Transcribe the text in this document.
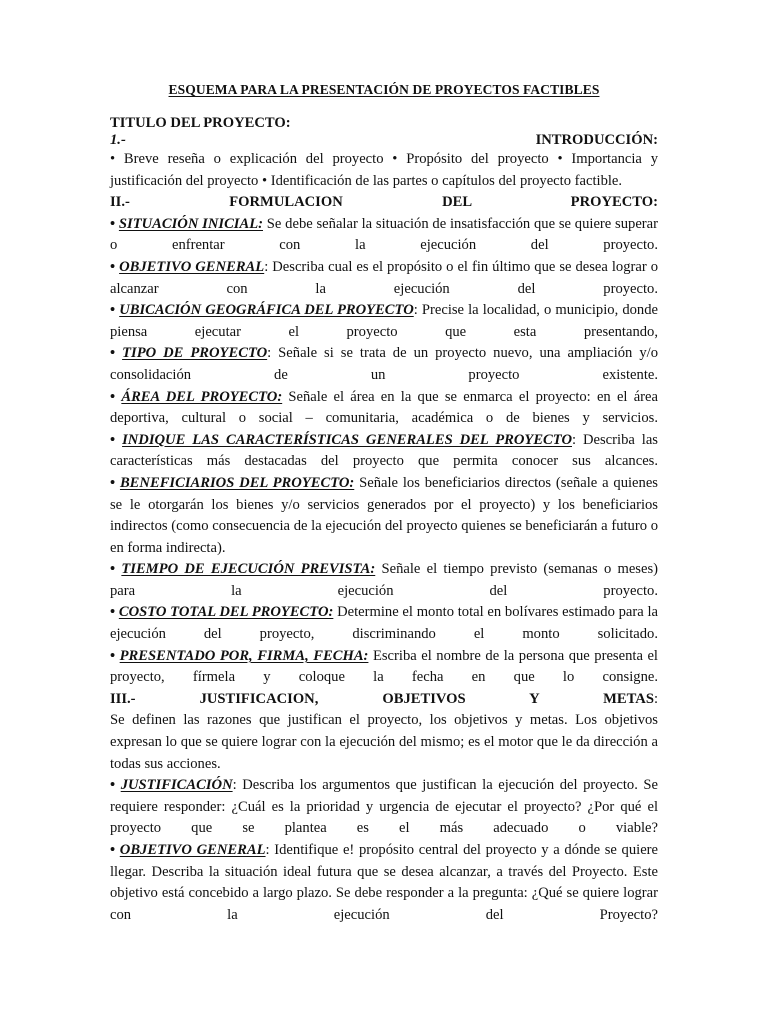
ESQUEMA PARA LA PRESENTACIÓN DE PROYECTOS FACTIBLES

TITULO DEL PROYECTO:

1.-	INTRODUCCIÓN:

• Breve reseña o explicación del proyecto • Propósito del proyecto • Importancia y justificación del proyecto • Identificación de las partes o capítulos del proyecto factible.

II.- FORMULACION DEL PROYECTO:

• SITUACIÓN INICIAL: Se debe señalar la situación de insatisfacción que se quiere superar o enfrentar con la ejecución del proyecto.

• OBJETIVO GENERAL: Describa cual es el propósito o el fin último que se desea lograr o alcanzar con la ejecución del proyecto.

• UBICACIÓN GEOGRÁFICA DEL PROYECTO: Precise la localidad, o municipio, donde piensa ejecutar el proyecto que esta presentando,

• TIPO DE PROYECTO: Señale si se trata de un proyecto nuevo, una ampliación y/o consolidación de un proyecto existente.

• ÁREA DEL PROYECTO: Señale el área en la que se enmarca el proyecto: en el área deportiva, cultural o social – comunitaria, académica o de bienes y servicios.

• INDIQUE LAS CARACTERÍSTICAS GENERALES DEL PROYECTO: Describa las características más destacadas del proyecto que permita conocer sus alcances.

• BENEFICIARIOS DEL PROYECTO: Señale los beneficiarios directos (señale a quienes se le otorgarán los bienes y/o servicios generados por el proyecto) y los beneficiarios indirectos (como consecuencia de la ejecución del proyecto quienes se beneficiarán a futuro o en forma indirecta).

• TIEMPO DE EJECUCIÓN PREVISTA: Señale el tiempo previsto (semanas o meses) para la ejecución del proyecto.

• COSTO TOTAL DEL PROYECTO: Determine el monto total en bolívares estimado para la ejecución del proyecto, discriminando el monto solicitado.

• PRESENTADO POR, FIRMA, FECHA: Escriba el nombre de la persona que presenta el proyecto, fírmela y coloque la fecha en que lo consigne.

III.- JUSTIFICACION, OBJETIVOS Y METAS:

Se definen las razones que justifican el proyecto, los objetivos y metas. Los objetivos expresan lo que se quiere lograr con la ejecución del mismo; es el motor que le da dirección a todas sus acciones.

• JUSTIFICACIÓN: Describa los argumentos que justifican la ejecución del proyecto. Se requiere responder: ¿Cuál es la prioridad y urgencia de ejecutar el proyecto? ¿Por qué el proyecto que se plantea es el más adecuado o viable?

• OBJETIVO GENERAL: Identifique e! propósito central del proyecto y a dónde se quiere llegar. Describa la situación ideal futura que se desea alcanzar, a través del Proyecto. Este objetivo está concebido a largo plazo. Se debe responder a la pregunta: ¿Qué se quiere lograr con la ejecución del Proyecto?
